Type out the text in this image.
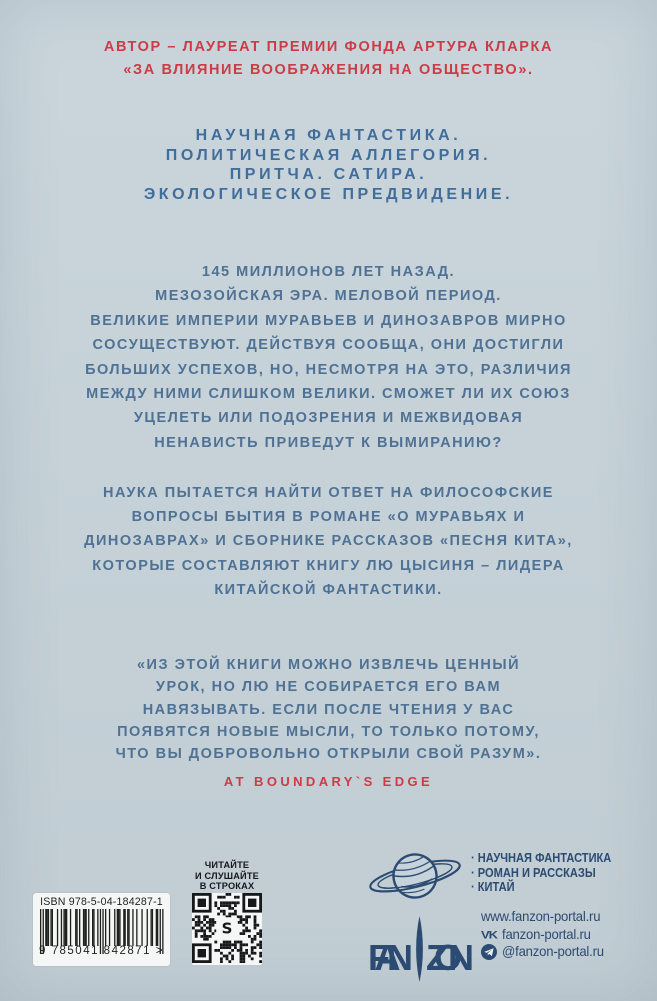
АВТОР – ЛАУРЕАТ ПРЕМИИ ФОНДА АРТУРА КЛАРКА
«ЗА ВЛИЯНИЕ ВООБРАЖЕНИЯ НА ОБЩЕСТВО».
НАУЧНАЯ ФАНТАСТИКА.
ПОЛИТИЧЕСКАЯ АЛЛЕГОРИЯ.
ПРИТЧА. САТИРА.
ЭКОЛОГИЧЕСКОЕ ПРЕДВИДЕНИЕ.
145 МИЛЛИОНОВ ЛЕТ НАЗАД.
МЕЗОЗОЙСКАЯ ЭРА. МЕЛОВОЙ ПЕРИОД.
ВЕЛИКИЕ ИМПЕРИИ МУРАВЬЕВ И ДИНОЗАВРОВ МИРНО
СОСУЩЕСТВУЮТ. ДЕЙСТВУЯ СООБЩА, ОНИ ДОСТИГЛИ
БОЛЬШИХ УСПЕХОВ, НО, НЕСМОТРЯ НА ЭТО, РАЗЛИЧИЯ
МЕЖДУ НИМИ СЛИШКОМ ВЕЛИКИ. СМОЖЕТ ЛИ ИХ СОЮЗ
УЦЕЛЕТЬ ИЛИ ПОДОЗРЕНИЯ И МЕЖВИДОВАЯ
НЕНАВИСТЬ ПРИВЕДУТ К ВЫМИРАНИЮ?
НАУКА ПЫТАЕТСЯ НАЙТИ ОТВЕТ НА ФИЛОСОФСКИЕ
ВОПРОСЫ БЫТИЯ В РОМАНЕ «О МУРАВЬЯХ И
ДИНОЗАВРАХ» И СБОРНИКЕ РАССКАЗОВ «ПЕСНЯ КИТА»,
КОТОРЫЕ СОСТАВЛЯЮТ КНИГУ ЛЮ ЦЫСИНЯ – ЛИДЕРА
КИТАЙСКОЙ ФАНТАСТИКИ.
«ИЗ ЭТОЙ КНИГИ МОЖНО ИЗВЛЕЧЬ ЦЕННЫЙ
УРОК, НО ЛЮ НЕ СОБИРАЕТСЯ ЕГО ВАМ
НАВЯЗЫВАТЬ. ЕСЛИ ПОСЛЕ ЧТЕНИЯ У ВАС
ПОЯВЯТСЯ НОВЫЕ МЫСЛИ, ТО ТОЛЬКО ПОТОМУ,
ЧТО ВЫ ДОБРОВОЛЬНО ОТКРЫЛИ СВОЙ РАЗУМ».
AT BOUNDARY`S EDGE
ISBN 978-5-04-184287-1
9 785041 842871 >
ЧИТАЙТЕ
И СЛУШАЙТЕ
В СТРОКАХ
S
· НАУЧНАЯ ФАНТАСТИКА
· РОМАН И РАССКАЗЫ
· КИТАЙ
FAN ZON
www.fanzon-portal.ru
VK fanzon-portal.ru
@fanzon-portal.ru
